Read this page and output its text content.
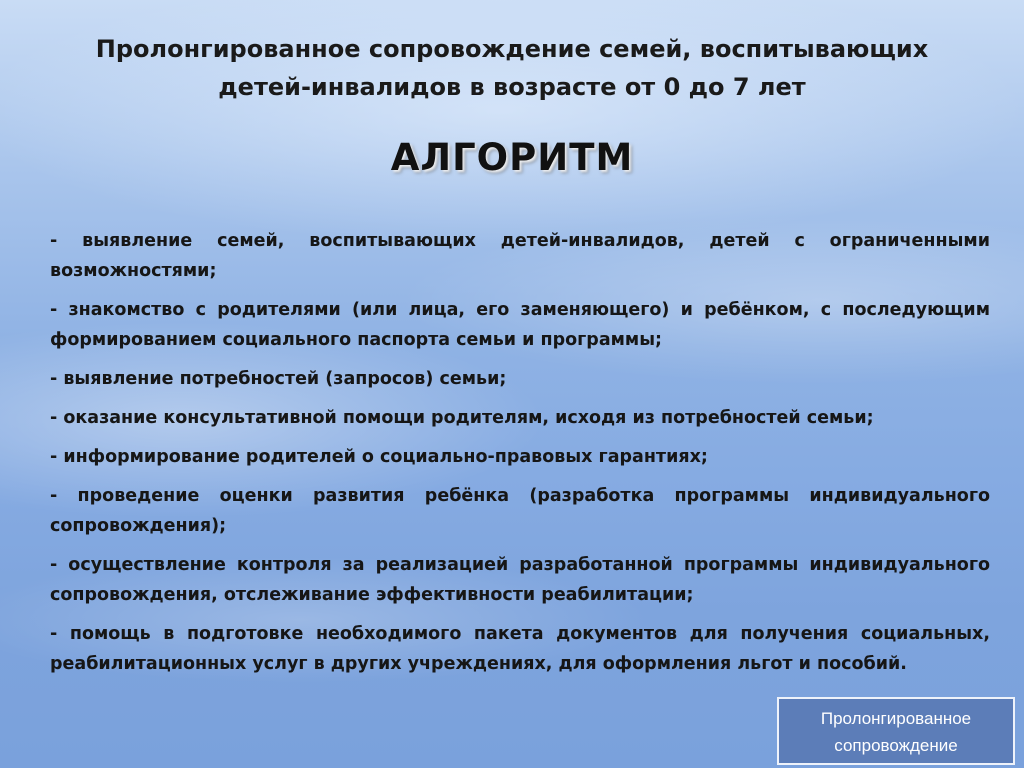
Пролонгированное сопровождение семей, воспитывающих
детей-инвалидов в возрасте от 0 до 7 лет
АЛГОРИТМ
- выявление семей, воспитывающих детей-инвалидов, детей с ограниченными возможностями;
- знакомство с родителями (или лица, его заменяющего) и ребёнком, с последующим формированием социального паспорта семьи и программы;
- выявление потребностей (запросов) семьи;
- оказание консультативной помощи родителям, исходя из потребностей семьи;
- информирование родителей о социально-правовых гарантиях;
- проведение оценки развития ребёнка (разработка программы индивидуального сопровождения);
- осуществление контроля за реализацией разработанной программы индивидуального сопровождения, отслеживание эффективности реабилитации;
- помощь в подготовке необходимого пакета документов для получения социальных, реабилитационных услуг в других учреждениях, для оформления льгот и пособий.
Пролонгированное
сопровождение
